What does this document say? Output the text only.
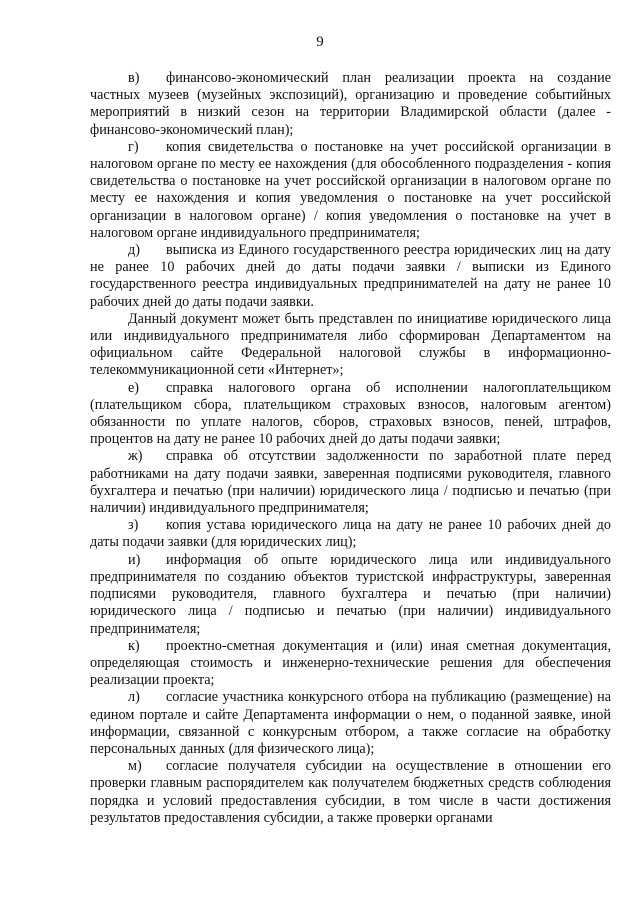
9

в) финансово-экономический план реализации проекта на создание частных музеев (музейных экспозиций), организацию и проведение событийных мероприятий в низкий сезон на территории Владимирской области (далее - финансово-экономический план);

г) копия свидетельства о постановке на учет российской организации в налоговом органе по месту ее нахождения (для обособленного подразделения - копия свидетельства о постановке на учет российской организации в налоговом органе по месту ее нахождения и копия уведомления о постановке на учет российской организации в налоговом органе) / копия уведомления о постановке на учет в налоговом органе индивидуального предпринимателя;

д) выписка из Единого государственного реестра юридических лиц на дату не ранее 10 рабочих дней до даты подачи заявки / выписки из Единого государственного реестра индивидуальных предпринимателей на дату не ранее 10 рабочих дней до даты подачи заявки.

Данный документ может быть представлен по инициативе юридического лица или индивидуального предпринимателя либо сформирован Департаментом на официальном сайте Федеральной налоговой службы в информационно-телекоммуникационной сети «Интернет»;

е) справка налогового органа об исполнении налогоплательщиком (плательщиком сбора, плательщиком страховых взносов, налоговым агентом) обязанности по уплате налогов, сборов, страховых взносов, пеней, штрафов, процентов на дату не ранее 10 рабочих дней до даты подачи заявки;

ж) справка об отсутствии задолженности по заработной плате перед работниками на дату подачи заявки, заверенная подписями руководителя, главного бухгалтера и печатью (при наличии) юридического лица / подписью и печатью (при наличии) индивидуального предпринимателя;

з) копия устава юридического лица на дату не ранее 10 рабочих дней до даты подачи заявки (для юридических лиц);

и) информация об опыте юридического лица или индивидуального предпринимателя по созданию объектов туристской инфраструктуры, заверенная подписями руководителя, главного бухгалтера и печатью (при наличии) юридического лица / подписью и печатью (при наличии) индивидуального предпринимателя;

к) проектно-сметная документация и (или) иная сметная документация, определяющая стоимость и инженерно-технические решения для обеспечения реализации проекта;

л) согласие участника конкурсного отбора на публикацию (размещение) на едином портале и сайте Департамента информации о нем, о поданной заявке, иной информации, связанной с конкурсным отбором, а также согласие на обработку персональных данных (для физического лица);

м) согласие получателя субсидии на осуществление в отношении его проверки главным распорядителем как получателем бюджетных средств соблюдения порядка и условий предоставления субсидии, в том числе в части достижения результатов предоставления субсидии, а также проверки органами
